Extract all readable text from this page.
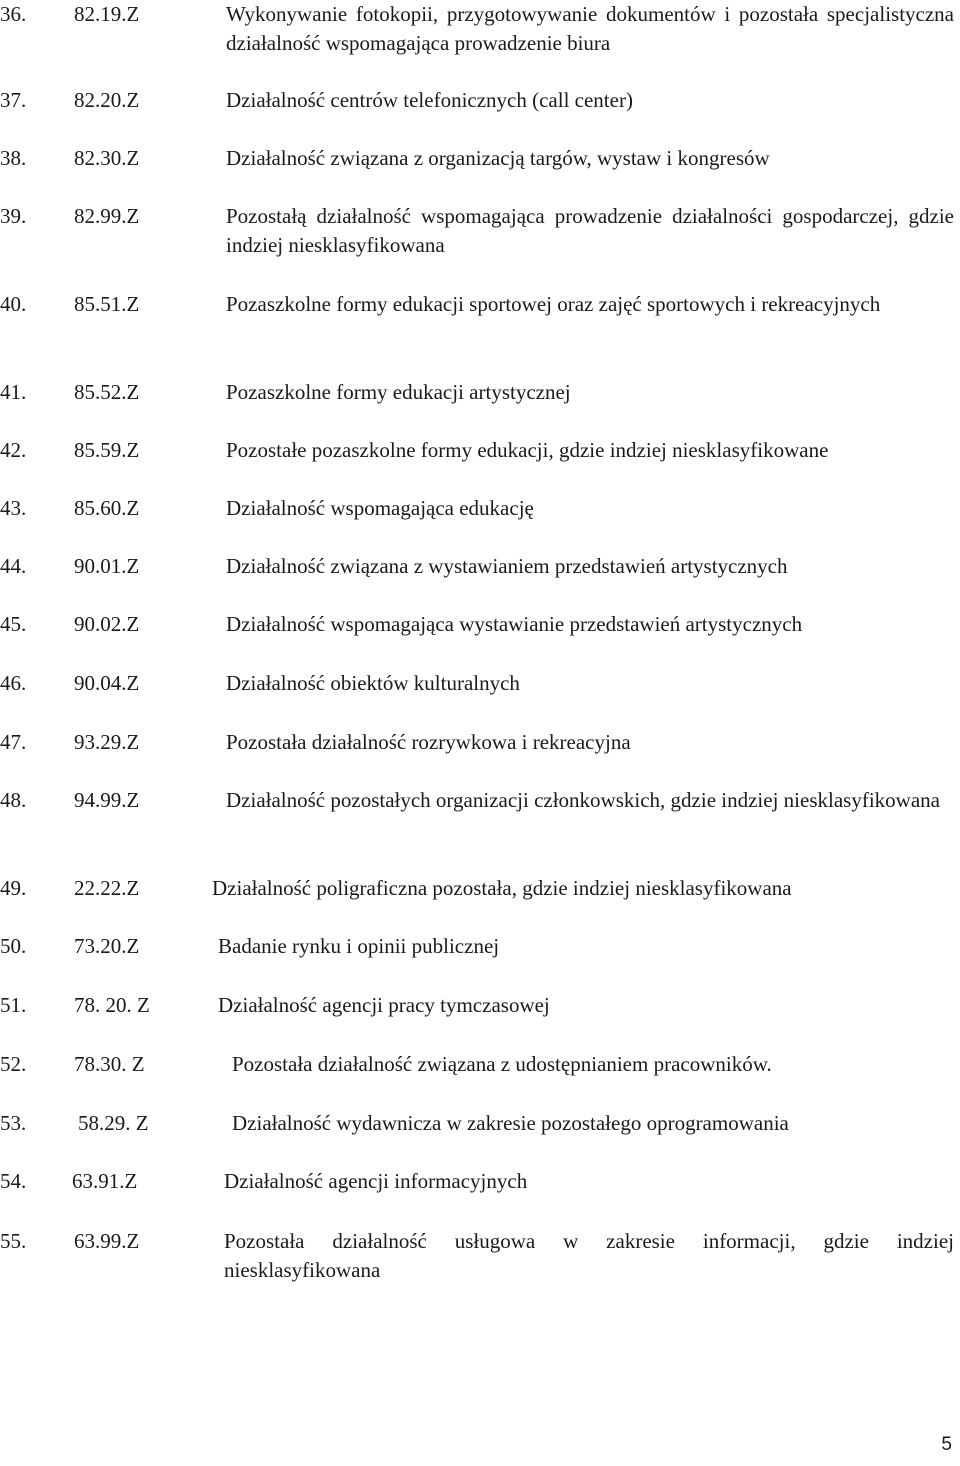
36. 82.19.Z	Wykonywanie fotokopii, przygotowywanie dokumentów i pozostała specjalistyczna działalność wspomagająca prowadzenie biura
37. 82.20.Z	Działalność centrów telefonicznych (call center)
38. 82.30.Z	Działalność związana z organizacją targów, wystaw i kongresów
39. 82.99.Z	Pozostałą działalność wspomagająca prowadzenie działalności gospodarczej, gdzie indziej niesklasyfikowana
40. 85.51.Z	Pozaszkolne formy edukacji sportowej oraz zajęć sportowych i rekreacyjnych
41. 85.52.Z	Pozaszkolne formy edukacji artystycznej
42. 85.59.Z	Pozostałe pozaszkolne formy edukacji, gdzie indziej niesklasyfikowane
43. 85.60.Z	Działalność wspomagająca edukację
44. 90.01.Z	Działalność związana z wystawianiem przedstawień artystycznych
45. 90.02.Z	Działalność wspomagająca wystawianie przedstawień artystycznych
46. 90.04.Z	Działalność obiektów kulturalnych
47. 93.29.Z	Pozostała działalność rozrywkowa i rekreacyjna
48. 94.99.Z	Działalność pozostałych organizacji członkowskich, gdzie indziej niesklasyfikowana
49. 22.22.Z	Działalność poligraficzna pozostała, gdzie indziej niesklasyfikowana
50. 73.20.Z	Badanie rynku i opinii publicznej
51. 78. 20. Z	Działalność agencji pracy tymczasowej
52. 78.30. Z	Pozostała działalność związana z udostępnianiem pracowników.
53. 58.29. Z	Działalność wydawnicza w zakresie pozostałego oprogramowania
54. 63.91.Z	Działalność agencji informacyjnych
55. 63.99.Z	Pozostała działalność usługowa w zakresie informacji, gdzie indziej niesklasyfikowana
5
